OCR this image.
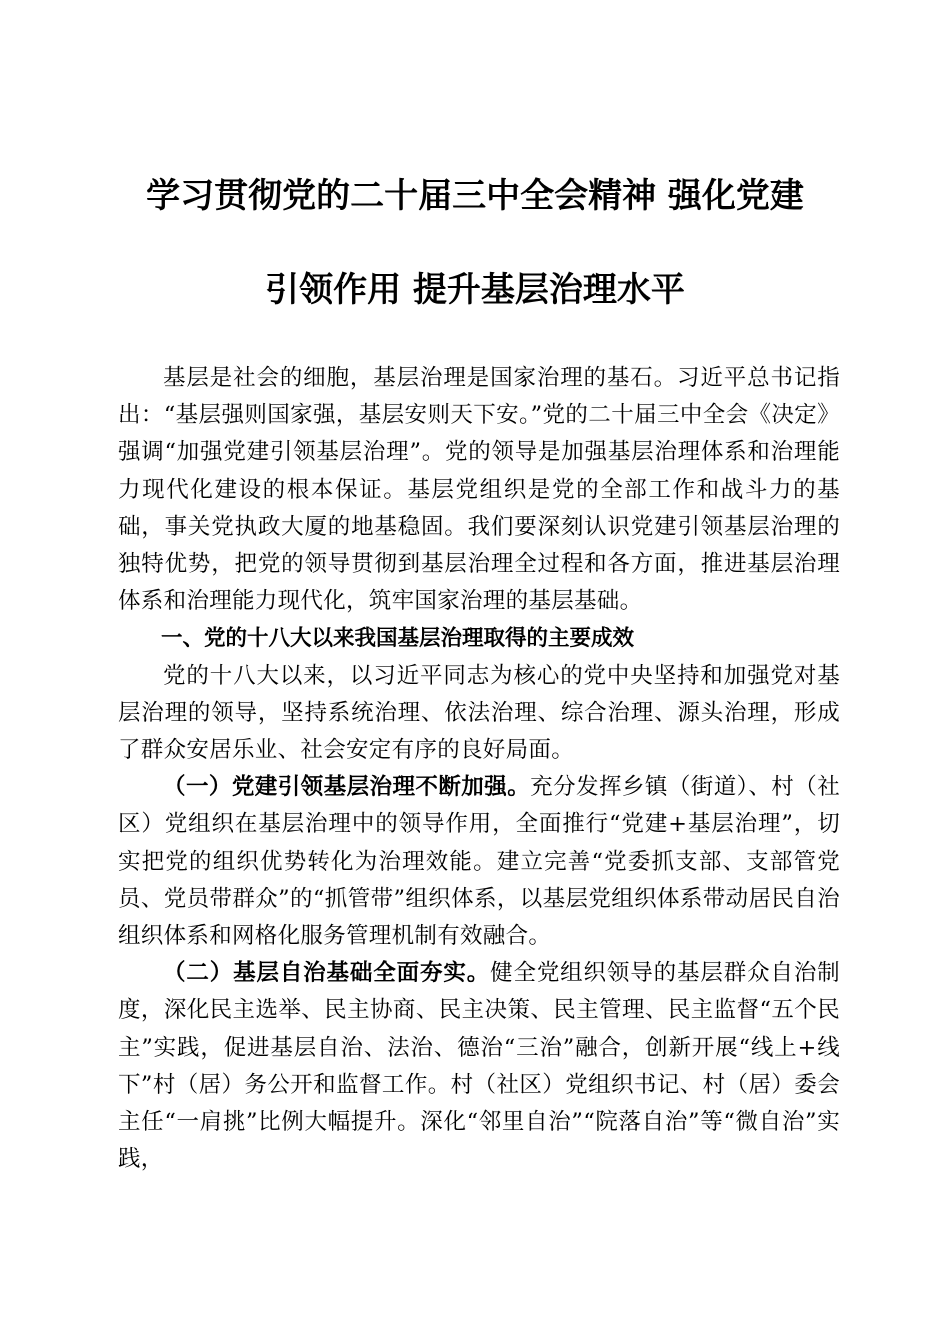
学习贯彻党的二十届三中全会精神 强化党建
引领作用 提升基层治理水平

基层是社会的细胞，基层治理是国家治理的基石。习近平总书记指出：“基层强则国家强，基层安则天下安。”党的二十届三中全会《决定》强调“加强党建引领基层治理”。党的领导是加强基层治理体系和治理能力现代化建设的根本保证。基层党组织是党的全部工作和战斗力的基础，事关党执政大厦的地基稳固。我们要深刻认识党建引领基层治理的独特优势，把党的领导贯彻到基层治理全过程和各方面，推进基层治理体系和治理能力现代化，筑牢国家治理的基层基础。

一、党的十八大以来我国基层治理取得的主要成效

党的十八大以来，以习近平同志为核心的党中央坚持和加强党对基层治理的领导，坚持系统治理、依法治理、综合治理、源头治理，形成了群众安居乐业、社会安定有序的良好局面。

（一）党建引领基层治理不断加强。充分发挥乡镇（街道）、村（社区）党组织在基层治理中的领导作用，全面推行“党建+基层治理”，切实把党的组织优势转化为治理效能。建立完善“党委抓支部、支部管党员、党员带群众”的“抓管带”组织体系，以基层党组织体系带动居民自治组织体系和网格化服务管理机制有效融合。

（二）基层自治基础全面夯实。健全党组织领导的基层群众自治制度，深化民主选举、民主协商、民主决策、民主管理、民主监督“五个民主”实践，促进基层自治、法治、德治“三治”融合，创新开展“线上+线下”村（居）务公开和监督工作。村（社区）党组织书记、村（居）委会主任“一肩挑”比例大幅提升。深化“邻里自治”“院落自治”等“微自治”实践，
